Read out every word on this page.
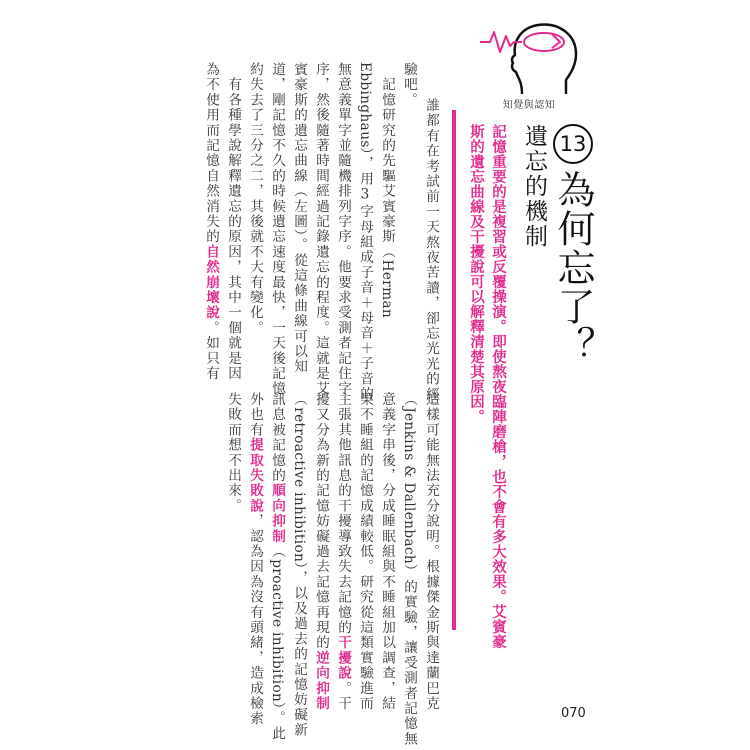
知覺與認知
13
為何忘了？
遺忘的機制
記憶重要的是複習或反覆操演。即使熬夜臨陣磨槍，也不會有多大效果。艾賓豪
斯的遺忘曲線及干擾說可以解釋清楚其原因。
誰都有在考試前一天熬夜苦讀，卻忘光光的經
驗吧。
　記憶研究的先驅艾賓豪斯（Herman
Ebbinghaus），用3字母組成子音＋母音＋子音的
無意義單字並隨機排列字序。他要求受測者記住字
序，然後隨著時間經過記錄遺忘的程度。這就是艾
賓豪斯的遺忘曲線（左圖）。從這條曲線可以知
道，剛記憶不久的時候遺忘速度最快，一天後記憶
約失去了三分之二，其後就不大有變化。
　有各種學說解釋遺忘的原因，其中一個就是因
為不使用而記憶自然消失的自然崩壞說。如只有
這樣可能無法充分說明。根據傑金斯與達蘭巴克
（Jenkins & Dallenbach）的實驗，讓受測者記憶無
意義字串後，分成睡眠組與不睡組加以調查，結
果不睡組的記憶成績較低。研究從這類實驗進而
主張其他訊息的干擾導致失去記憶的干擾說。干
擾又分為新的記憶妨礙過去記憶再現的逆向抑制
（retroactive inhibition），以及過去的記憶妨礙新
訊息被記憶的順向抑制（proactive inhibition）。此
外也有提取失敗說，認為因為沒有頭緒，造成檢索
失敗而想不出來。
070
